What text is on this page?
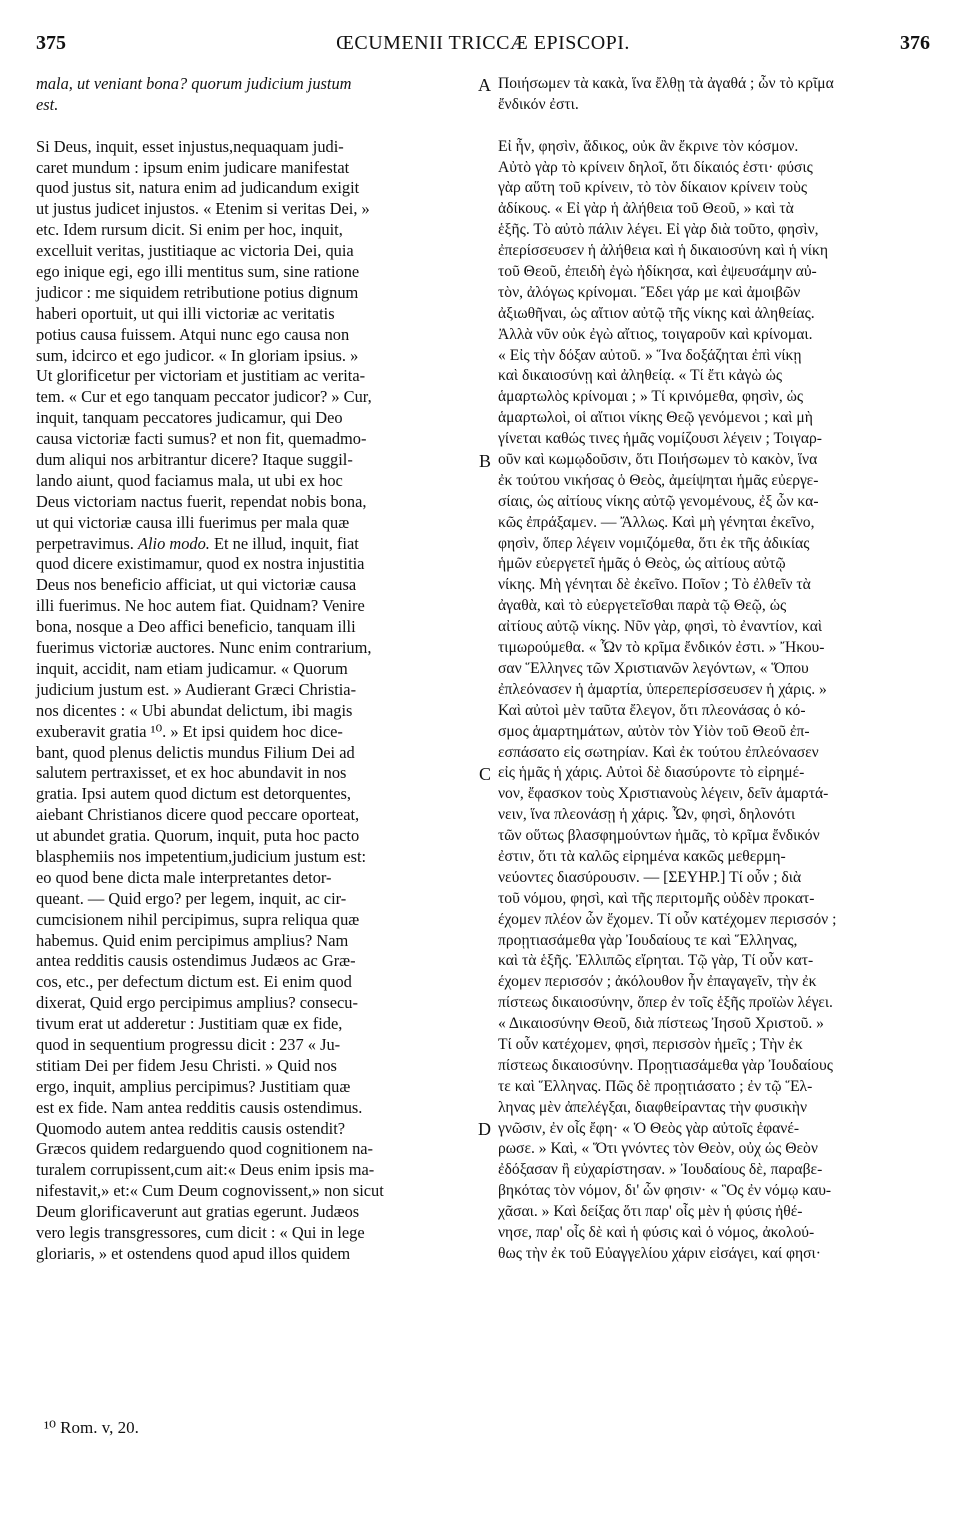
375	ŒCUMENII TRICCÆ EPISCOPI.	376
mala, ut veniant bona? quorum judicium justum
est.
Si Deus, inquit, esset injustus,nequaquam judi-
caret mundum : ipsum enim judicare manifestat
quod justus sit, natura enim ad judicandum exigit
ut justus judicet injustos. « Etenim si veritas Dei, »
etc. Idem rursum dicit. Si enim per hoc, inquit,
excelluit veritas, justitiaque ac victoria Dei, quia
ego inique egi, ego illi mentitus sum, sine ratione
judicor : me siquidem retributione potius dignum
haberi oportuit, ut qui illi victoriæ ac veritatis
potius causa fuissem. Atqui nunc ego causa non
sum, idcirco et ego judicor. « In gloriam ipsius. »
Ut glorificetur per victoriam et justitiam ac verita-
tem. « Cur et ego tanquam peccator judicor? » Cur,
inquit, tanquam peccatores judicamur, qui Deo
causa victoriæ facti sumus? et non fit, quemadmo-
dum aliqui nos arbitrantur dicere? Itaque suggil-
lando aiunt, quod faciamus mala, ut ubi ex hoc
Deus victoriam nactus fuerit, rependat nobis bona,
ut qui victoriæ causa illi fuerimus per mala quæ
perpetravimus. Alio modo. Et ne illud, inquit, fiat
quod dicere existimamur, quod ex nostra injustitia
Deus nos beneficio afficiat, ut qui victoriæ causa
illi fuerimus. Ne hoc autem fiat. Quidnam? Venire
bona, nosque a Deo affici beneficio, tanquam illi
fuerimus victoriæ auctores. Nunc enim contrarium,
inquit, accidit, nam etiam judicamur. « Quorum
judicium justum est. » Audierant Græci Christia-
nos dicentes : « Ubi abundat delictum, ibi magis
exuberavit gratia ¹⁰. » Et ipsi quidem hoc dice-
bant, quod plenus delictis mundus Filium Dei ad
salutem pertraxisset, et ex hoc abundavit in nos
gratia. Ipsi autem quod dictum est detorquentes,
aiebant Christianos dicere quod peccare oporteat,
ut abundet gratia. Quorum, inquit, puta hoc pacto
blasphemiis nos impetentium,judicium justum est:
eo quod bene dicta male interpretantes detor-
queant. — Quid ergo? per legem, inquit, ac cir-
cumcisionem nihil percipimus, supra reliqua quæ
habemus. Quid enim percipimus amplius? Nam
antea redditis causis ostendimus Judæos ac Græ-
cos, etc., per defectum dictum est. Ei enim quod
dixerat, Quid ergo percipimus amplius? consecu-
tivum erat ut adderetur : Justitiam quæ ex fide,
quod in sequentium progressu dicit : 237 « Ju-
stitiam Dei per fidem Jesu Christi. » Quid nos
ergo, inquit, amplius percipimus? Justitiam quæ
est ex fide. Nam antea redditis causis ostendimus.
Quomodo autem antea redditis causis ostendit?
Græcos quidem redarguendo quod cognitionem na-
turalem corrupissent,cum ait:« Deus enim ipsis ma-
nifestavit,» et:« Cum Deum cognovissent,» non sicut
Deum glorificaverunt aut gratias egerunt. Judæos
vero legis transgressores, cum dicit : « Qui in lege
gloriaris, » et ostendens quod apud illos quidem
Ποιήσωμεν τὰ κακὰ, ἵνα ἔλθῃ τὰ ἀγαθά ; ὧν τὸ κρῖμα
ἔνδικόν ἐστι.
Εἰ ἦν, φησὶν, ἄδικος, οὐκ ἂν ἔκρινε τὸν κόσμον.
Αὐτὸ γὰρ τὸ κρίνειν δηλοῖ, ὅτι δίκαιός ἐστι· φύσις
γὰρ αὕτη τοῦ κρίνειν, τὸ τὸν δίκαιον κρίνειν τοὺς
ἀδίκους. « Εἰ γὰρ ἡ ἀλήθεια τοῦ Θεοῦ, » καὶ τὰ
ἑξῆς. Τὸ αὐτὸ πάλιν λέγει. Εἰ γὰρ διὰ τοῦτο, φησὶν,
ἐπερίσσευσεν ἡ ἀλήθεια καὶ ἡ δικαιοσύνη καὶ ἡ νίκη
τοῦ Θεοῦ, ἐπειδὴ ἐγὼ ἠδίκησα, καὶ ἐψευσάμην αὐ-
τὸν, ἀλόγως κρίνομαι. Ἔδει γάρ με καὶ ἀμοιβῶν
ἀξιωθῆναι, ὡς αἴτιον αὐτῷ τῆς νίκης καὶ ἀληθείας.
Ἀλλὰ νῦν οὐκ ἐγὼ αἴτιος, τοιγαροῦν καὶ κρίνομαι.
« Εἰς τὴν δόξαν αὐτοῦ. » Ἵνα δοξάζηται ἐπὶ νίκῃ
καὶ δικαιοσύνῃ καὶ ἀληθείᾳ. « Τί ἔτι κἀγὼ ὡς
ἁμαρτωλὸς κρίνομαι ; » Τί κρινόμεθα, φησὶν, ὡς
ἁμαρτωλοὶ, οἱ αἴτιοι νίκης Θεῷ γενόμενοι ; καὶ μὴ
γίνεται καθώς τινες ἡμᾶς νομίζουσι λέγειν ; Τοιγαρ-
οῦν καὶ κωμῳδοῦσιν, ὅτι Ποιήσωμεν τὸ κακὸν, ἵνα
ἐκ τούτου νικήσας ὁ Θεὸς, ἀμείψηται ἡμᾶς εὐεργε-
σίαις, ὡς αἰτίους νίκης αὐτῷ γενομένους, ἐξ ὧν κα-
κῶς ἐπράξαμεν. — Ἄλλως. Καὶ μὴ γένηται ἐκεῖνο,
φησὶν, ὅπερ λέγειν νομιζόμεθα, ὅτι ἐκ τῆς ἀδικίας
ἡμῶν εὐεργετεῖ ἡμᾶς ὁ Θεὸς, ὡς αἰτίους αὐτῷ
νίκης. Μὴ γένηται δὲ ἐκεῖνο. Ποῖον ; Τὸ ἐλθεῖν τὰ
ἀγαθὰ, καὶ τὸ εὐεργετεῖσθαι παρὰ τῷ Θεῷ, ὡς
αἰτίους αὐτῷ νίκης. Νῦν γὰρ, φησὶ, τὸ ἐναντίον, καὶ
τιμωρούμεθα. « Ὧν τὸ κρῖμα ἔνδικόν ἐστι. » Ἤκου-
σαν Ἕλληνες τῶν Χριστιανῶν λεγόντων, « Ὅπου
ἐπλεόνασεν ἡ ἁμαρτία, ὑπερεπερίσσευσεν ἡ χάρις. »
Καὶ αὐτοὶ μὲν ταῦτα ἔλεγον, ὅτι πλεονάσας ὁ κό-
σμος ἁμαρτημάτων, αὐτὸν τὸν Υἱὸν τοῦ Θεοῦ ἐπ-
εσπάσατο εἰς σωτηρίαν. Καὶ ἐκ τούτου ἐπλεόνασεν
εἰς ἡμᾶς ἡ χάρις. Αὐτοὶ δὲ διασύροντε τὸ εἰρημέ-
νον, ἔφασκον τοὺς Χριστιανοὺς λέγειν, δεῖν ἁμαρτά-
νειν, ἵνα πλεονάσῃ ἡ χάρις. Ὧν, φησὶ, δηλονότι
τῶν οὕτως βλασφημούντων ἡμᾶς, τὸ κρῖμα ἔνδικόν
ἐστιν, ὅτι τὰ καλῶς εἰρημένα κακῶς μεθερμη-
νεύοντες διασύρουσιν. — [ΣΕΥΗΡ.] Τί οὖν ; διὰ
τοῦ νόμου, φησὶ, καὶ τῆς περιτομῆς οὐδὲν προκατ-
έχομεν πλέον ὧν ἔχομεν. Τί οὖν κατέχομεν περισσόν ;
προῃτιασάμεθα γὰρ Ἰουδαίους τε καὶ Ἕλληνας,
καὶ τὰ ἑξῆς. Ἐλλιπῶς εἴρηται. Τῷ γὰρ, Τί οὖν κατ-
έχομεν περισσόν ; ἀκόλουθον ἦν ἐπαγαγεῖν, τὴν ἐκ
πίστεως δικαιοσύνην, ὅπερ ἐν τοῖς ἑξῆς προϊὼν λέγει.
« Δικαιοσύνην Θεοῦ, διὰ πίστεως Ἰησοῦ Χριστοῦ. »
Τί οὖν κατέχομεν, φησὶ, περισσὸν ἡμεῖς ; Τὴν ἐκ
πίστεως δικαιοσύνην. Προῃτιασάμεθα γὰρ Ἰουδαίους
τε καὶ Ἕλληνας. Πῶς δὲ προῃτιάσατο ; ἐν τῷ Ἕλ-
ληνας μὲν ἀπελέγξαι, διαφθείραντας τὴν φυσικὴν
γνῶσιν, ἐν οἷς ἔφη· « Ὁ Θεὸς γὰρ αὐτοῖς ἐφανέ-
ρωσε. » Καὶ, « Ὅτι γνόντες τὸν Θεὸν, οὐχ ὡς Θεὸν
ἐδόξασαν ἢ εὐχαρίστησαν. » Ἰουδαίους δὲ, παραβε-
βηκότας τὸν νόμον, δι' ὧν φησιν· « Ὃς ἐν νόμῳ καυ-
χᾶσαι. » Καὶ δείξας ὅτι παρ' οἷς μὲν ἡ φύσις ἠθέ-
νησε, παρ' οἷς δὲ καὶ ἡ φύσις καὶ ὁ νόμος, ἀκολού-
θως τὴν ἐκ τοῦ Εὐαγγελίου χάριν εἰσάγει, καί φησι·
A
B
C
D
¹⁰ Rom. v, 20.
